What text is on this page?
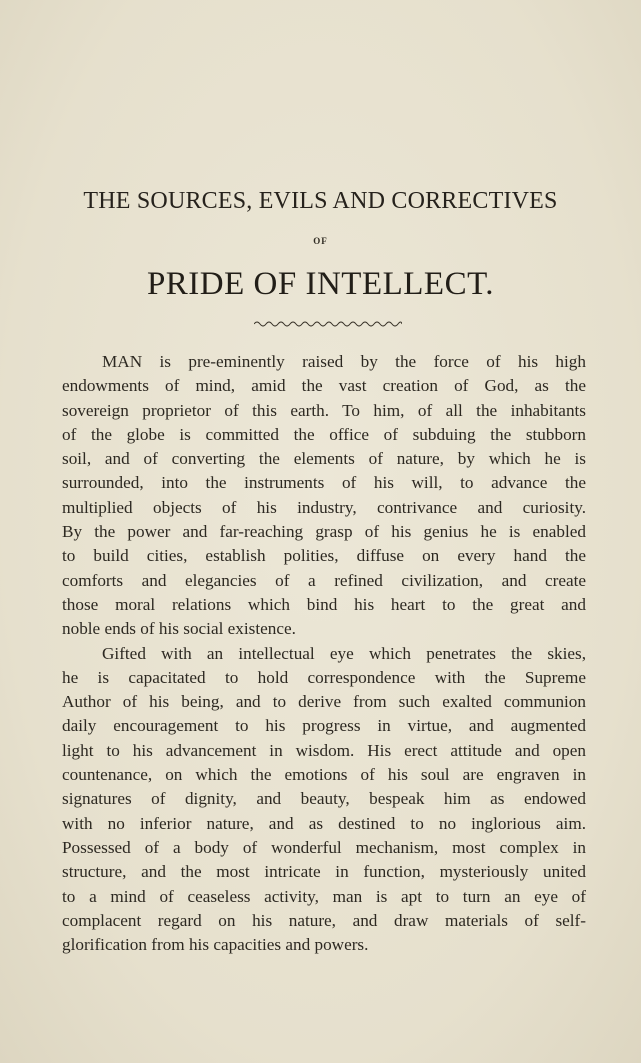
THE SOURCES, EVILS AND CORRECTIVES
OF
PRIDE OF INTELLECT.
MAN is pre-eminently raised by the force of his high
endowments of mind, amid the vast creation of God, as the
sovereign proprietor of this earth. To him, of all the inhabitants
of the globe is committed the office of subduing the stubborn
soil, and of converting the elements of nature, by which he is
surrounded, into the instruments of his will, to advance the
multiplied objects of his industry, contrivance and curiosity.
By the power and far-reaching grasp of his genius he is enabled
to build cities, establish polities, diffuse on every hand the
comforts and elegancies of a refined civilization, and create
those moral relations which bind his heart to the great and
noble ends of his social existence.
Gifted with an intellectual eye which penetrates the skies,
he is capacitated to hold correspondence with the Supreme
Author of his being, and to derive from such exalted communion
daily encouragement to his progress in virtue, and augmented
light to his advancement in wisdom. His erect attitude and open
countenance, on which the emotions of his soul are engraven in
signatures of dignity, and beauty, bespeak him as endowed
with no inferior nature, and as destined to no inglorious aim.
Possessed of a body of wonderful mechanism, most complex in
structure, and the most intricate in function, mysteriously united
to a mind of ceaseless activity, man is apt to turn an eye of
complacent regard on his nature, and draw materials of self-
glorification from his capacities and powers.
